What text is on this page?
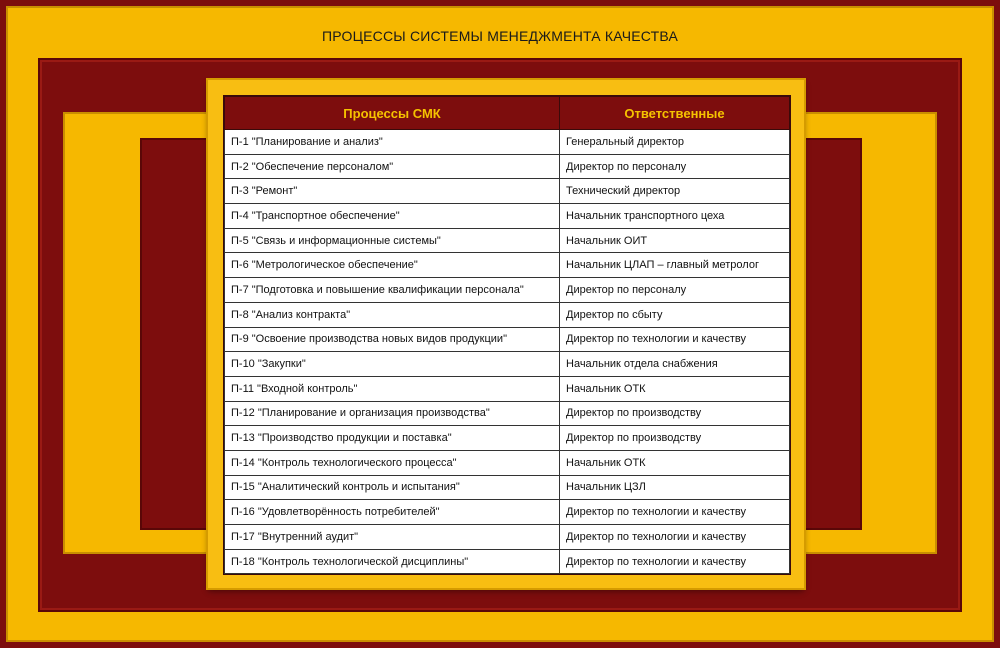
ПРОЦЕССЫ СИСТЕМЫ МЕНЕДЖМЕНТА КАЧЕСТВА
Процессы СМК	Ответственные
П-1 "Планирование и анализ"	Генеральный директор
П-2 "Обеспечение персоналом"	Директор по персоналу
П-3 "Ремонт"	Технический директор
П-4 "Транспортное обеспечение"	Начальник транспортного цеха
П-5 "Связь и информационные системы"	Начальник ОИТ
П-6 "Метрологическое обеспечение"	Начальник ЦЛАП – главный метролог
П-7 "Подготовка и повышение квалификации персонала"	Директор по персоналу
П-8 "Анализ контракта"	Директор по сбыту
П-9 "Освоение производства новых видов продукции"	Директор по технологии и качеству
П-10 "Закупки"	Начальник отдела снабжения
П-11 "Входной контроль"	Начальник ОТК
П-12 "Планирование и организация производства"	Директор по производству
П-13 "Производство продукции и поставка"	Директор по производству
П-14 "Контроль технологического процесса"	Начальник ОТК
П-15 "Аналитический контроль и испытания"	Начальник ЦЗЛ
П-16 "Удовлетворённость потребителей"	Директор по технологии и качеству
П-17 "Внутренний аудит"	Директор по технологии и качеству
П-18 "Контроль технологической дисциплины"	Директор по технологии и качеству
